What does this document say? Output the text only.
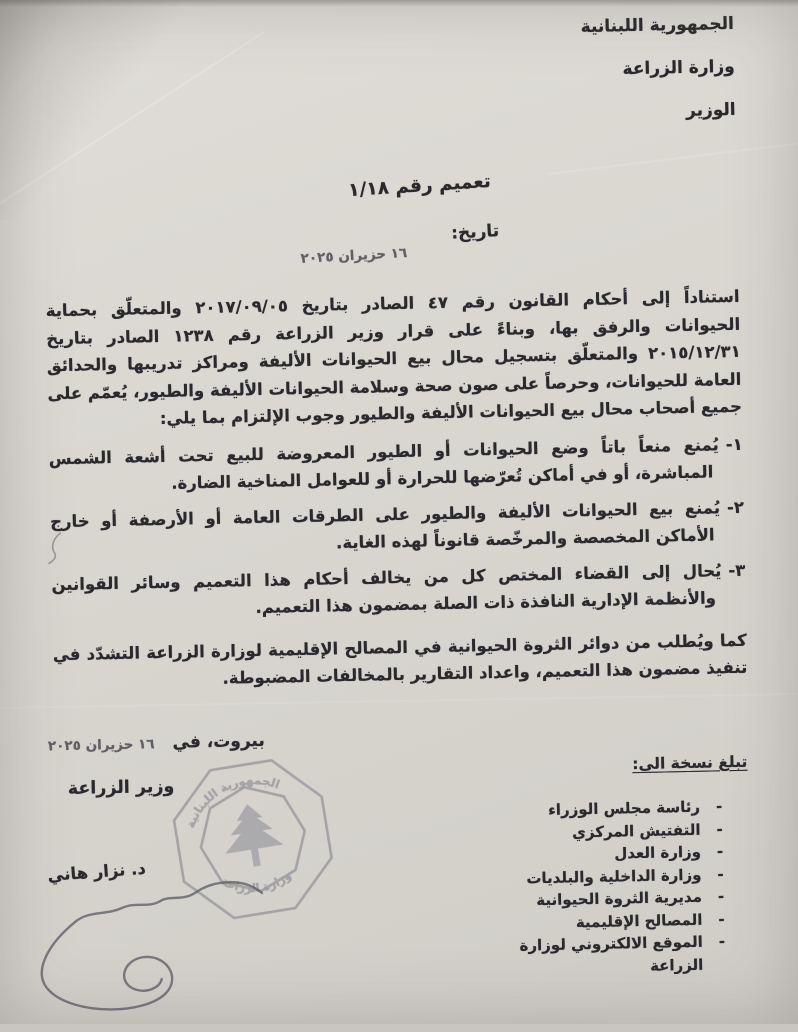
الجمهورية اللبنانية
وزارة الزراعة
الوزير
تعميم رقم ١/١٨
تاريخ:
١٦ حزيران ٢٠٢٥

استناداً إلى أحكام القانون رقم ٤٧ الصادر بتاريخ ٢٠١٧/٠٩/٠٥ والمتعلّق بحماية الحيوانات والرفق بها، وبناءً على قرار وزير الزراعة رقم ١٢٣٨ الصادر بتاريخ ٢٠١٥/١٢/٣١ والمتعلّق بتسجيل محال بيع الحيوانات الأليفة ومراكز تدريبها والحدائق العامة للحيوانات، وحرصاً على صون صحة وسلامة الحيوانات الأليفة والطيور، يُعمّم على جميع أصحاب محال بيع الحيوانات الأليفة والطيور وجوب الإلتزام بما يلي:

١-يُمنع منعاً باتاً وضع الحيوانات أو الطيور المعروضة للبيع تحت أشعة الشمس المباشرة، أو في أماكن تُعرّضها للحرارة أو للعوامل المناخية الضارة.
٢-يُمنع بيع الحيوانات الأليفة والطيور على الطرقات العامة أو الأرصفة أو خارج الأماكن المخصصة والمرخّصة قانوناً لهذه الغاية.
٣-يُحال إلى القضاء المختص كل من يخالف أحكام هذا التعميم وسائر القوانين والأنظمة الإدارية النافذة ذات الصلة بمضمون هذا التعميم.

كما ويُطلب من دوائر الثروة الحيوانية في المصالح الإقليمية لوزارة الزراعة التشدّد في تنفيذ مضمون هذا التعميم، واعداد التقارير بالمخالفات المضبوطة.

بيروت، في
١٦ حزيران ٢٠٢٥
وزير الزراعة
الجمهورية اللبنانية
وزارة الزراعة
د. نزار هاني
تبلغ نسخة الى:
-
رئاسة مجلس الوزراء
-
التفتيش المركزي
-
وزارة العدل
-
وزارة الداخلية والبلديات
-
مديرية الثروة الحيوانية
-
المصالح الإقليمية
-
الموقع الالكتروني لوزارة الزراعة
